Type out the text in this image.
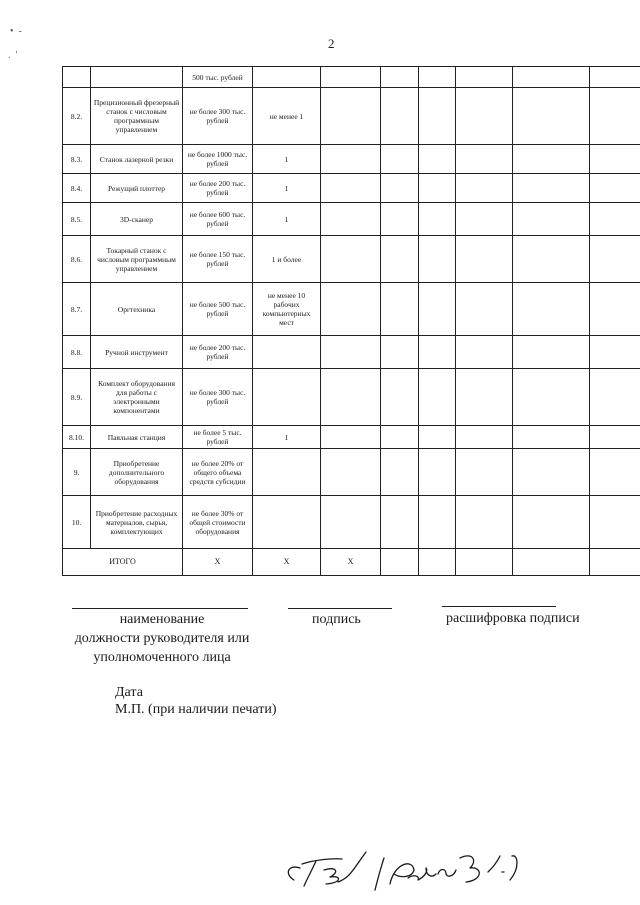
2
•  -
.  '
		500 тыс. рублей							
8.2.	Прецизионный фрезерный станок с числовым программным управлением	не более 300 тыс. рублей	не менее 1						
8.3.	Станок лазерной резки	не более 1000 тыс. рублей	1						
8.4.	Режущий плоттер	не более 200 тыс. рублей	1						
8.5.	3D-сканер	не более 600 тыс. рублей	1						
8.6.	Токарный станок с числовым программным управлением	не более 150 тыс. рублей	1 и более						
8.7.	Оргтехника	не более 500 тыс. рублей	не менее 10 рабочих компьютерных мест						
8.8.	Ручной инструмент	не более 200 тыс. рублей							
8.9.	Комплект оборудования для работы с электронными компонентами	не более 300 тыс. рублей							
8.10.	Паяльная станция	не более 5 тыс. рублей	1						
9.	Приобретение дополнительного оборудования	не более 20% от общего объема средств субсидии							
10.	Приобретение расходных материалов, сырья, комплектующих	не более 30% от общей стоимости оборудования							
ИТОГО		X	X	X					
наименование
должности руководителя или
уполномоченного лица
подпись	расшифровка подписи
Дата
М.П. (при наличии печати)
